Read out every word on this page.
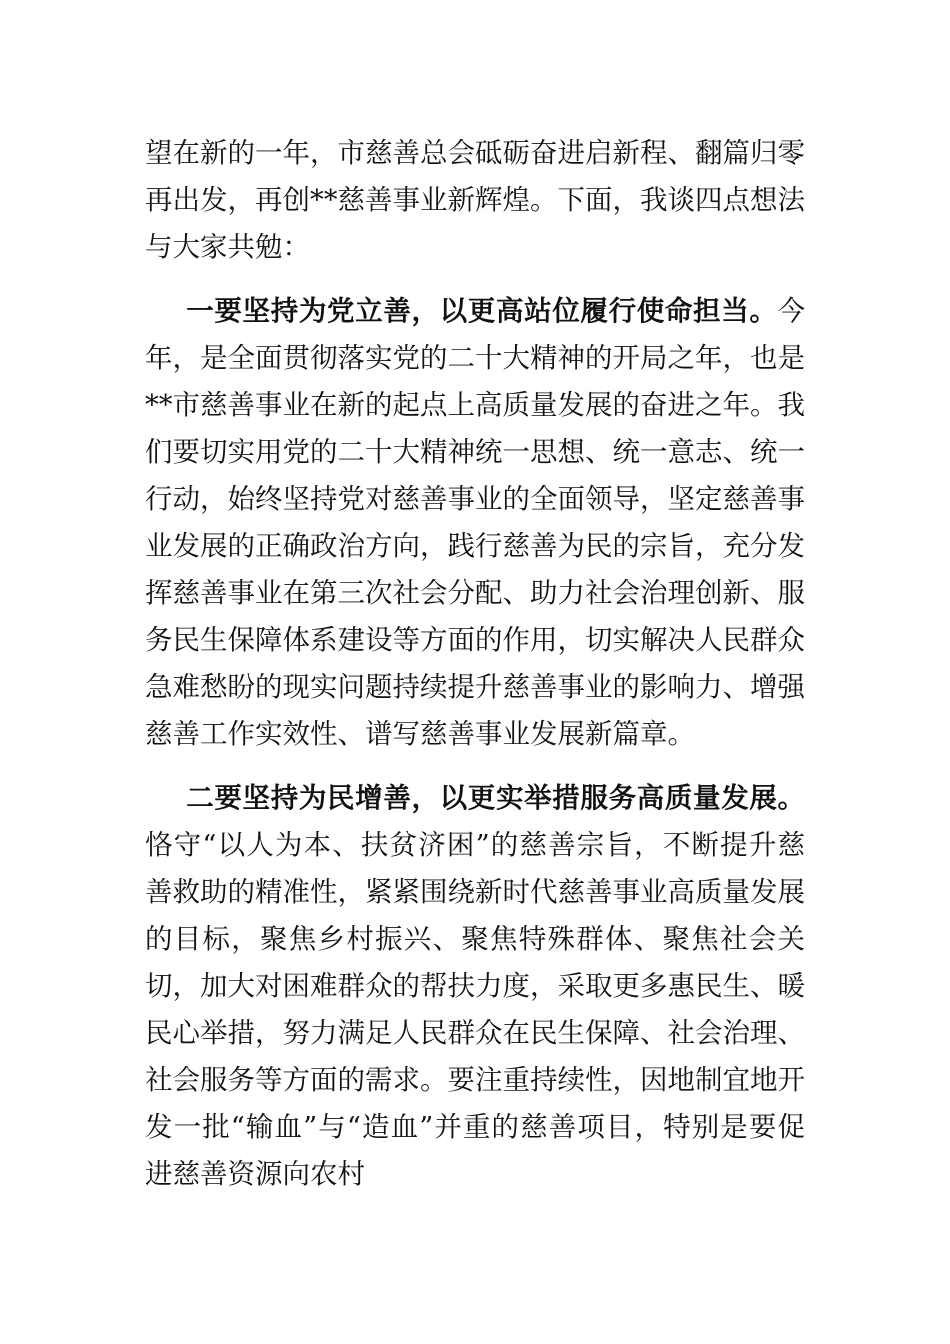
望在新的一年，市慈善总会砥砺奋进启新程、翻篇归零再出发，再创**慈善事业新辉煌。下面，我谈四点想法与大家共勉：

一要坚持为党立善，以更高站位履行使命担当。今年，是全面贯彻落实党的二十大精神的开局之年，也是**市慈善事业在新的起点上高质量发展的奋进之年。我们要切实用党的二十大精神统一思想、统一意志、统一行动，始终坚持党对慈善事业的全面领导，坚定慈善事业发展的正确政治方向，践行慈善为民的宗旨，充分发挥慈善事业在第三次社会分配、助力社会治理创新、服务民生保障体系建设等方面的作用，切实解决人民群众急难愁盼的现实问题持续提升慈善事业的影响力、增强慈善工作实效性、谱写慈善事业发展新篇章。

二要坚持为民增善，以更实举措服务高质量发展。恪守“以人为本、扶贫济困”的慈善宗旨，不断提升慈善救助的精准性，紧紧围绕新时代慈善事业高质量发展的目标，聚焦乡村振兴、聚焦特殊群体、聚焦社会关切，加大对困难群众的帮扶力度，采取更多惠民生、暖民心举措，努力满足人民群众在民生保障、社会治理、社会服务等方面的需求。要注重持续性，因地制宜地开发一批“输血”与“造血”并重的慈善项目，特别是要促进慈善资源向农村
